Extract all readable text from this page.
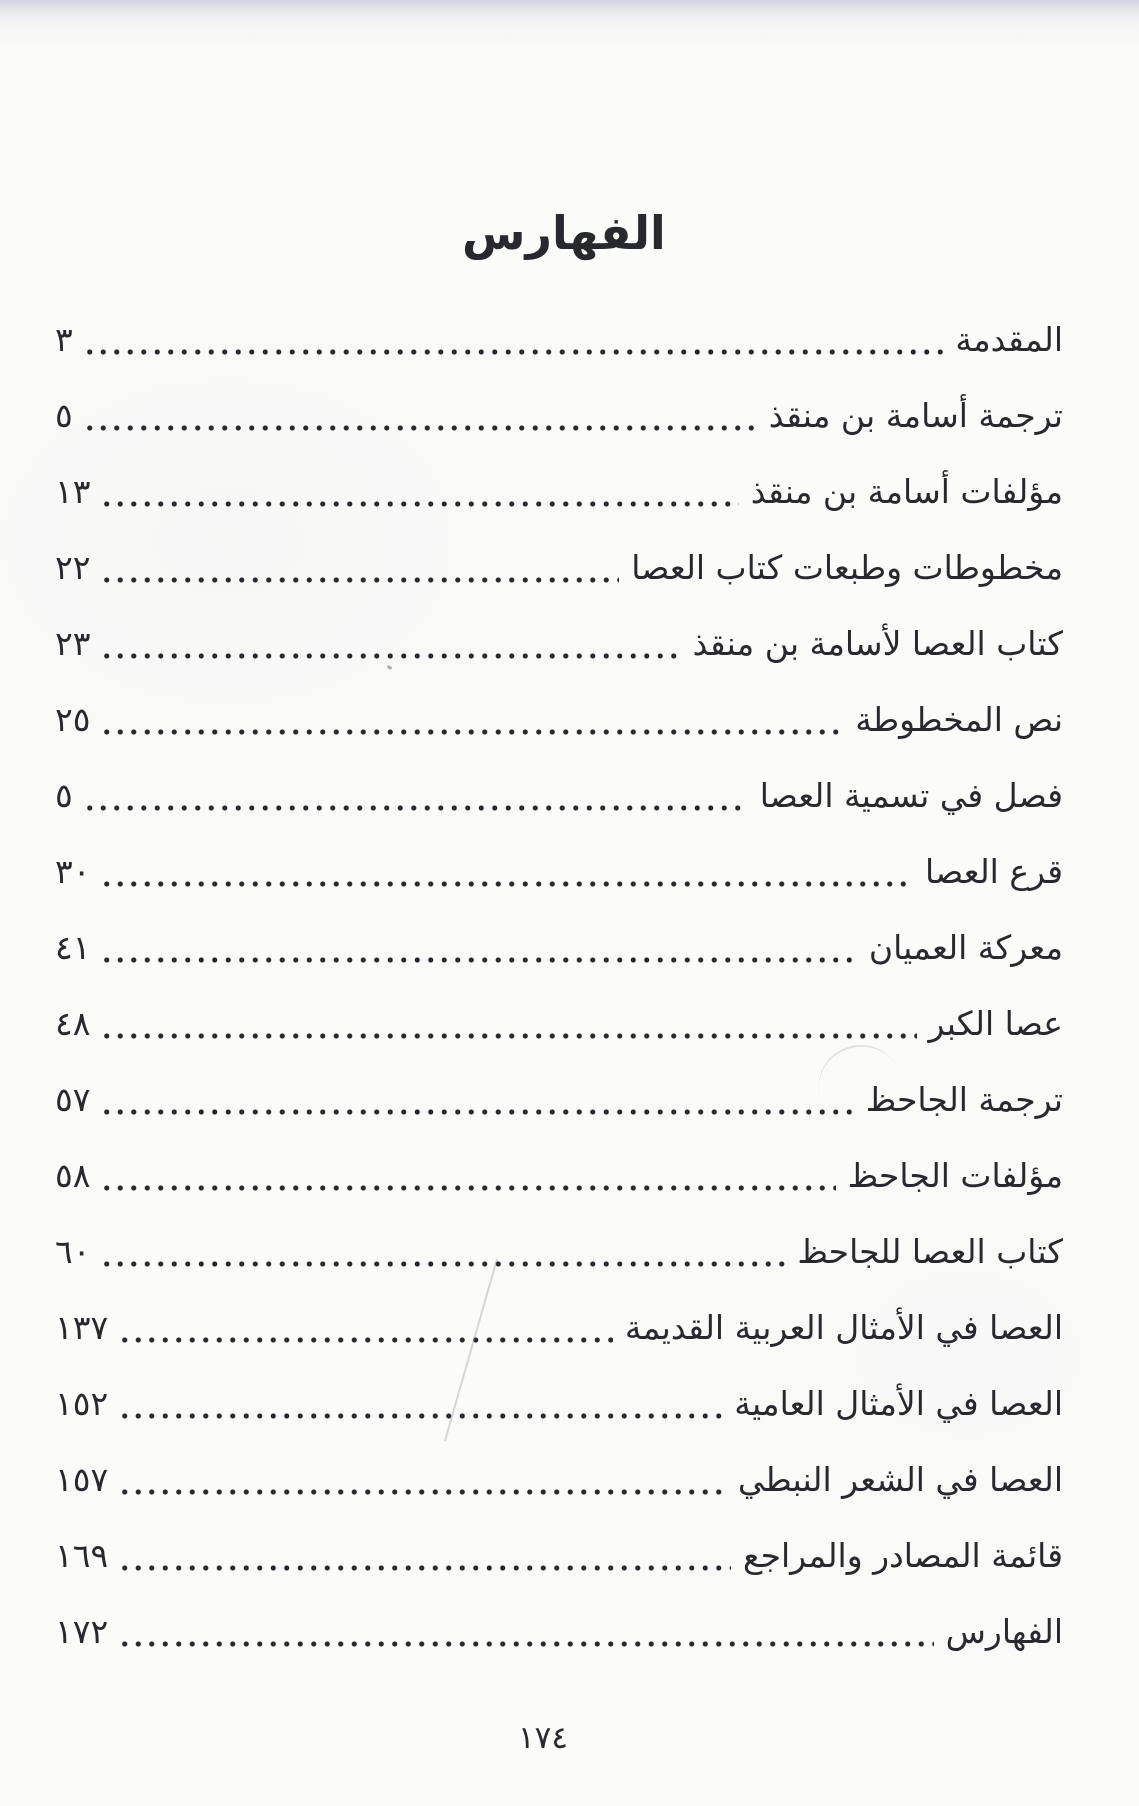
الفهارس
المقدمة
٣
ترجمة أسامة بن منقذ
٥
مؤلفات أسامة بن منقذ
١٣
مخطوطات وطبعات كتاب العصا
٢٢
كتاب العصا لأسامة بن منقذ
٢٣
نص المخطوطة
٢٥
فصل في تسمية العصا
٥
قرع العصا
٣٠
معركة العميان
٤١
عصا الكبر
٤٨
ترجمة الجاحظ
٥٧
مؤلفات الجاحظ
٥٨
كتاب العصا للجاحظ
٦٠
العصا في الأمثال العربية القديمة
١٣٧
العصا في الأمثال العامية
١٥٢
العصا في الشعر النبطي
١٥٧
قائمة المصادر والمراجع
١٦٩
الفهارس
١٧٢
١٧٤
